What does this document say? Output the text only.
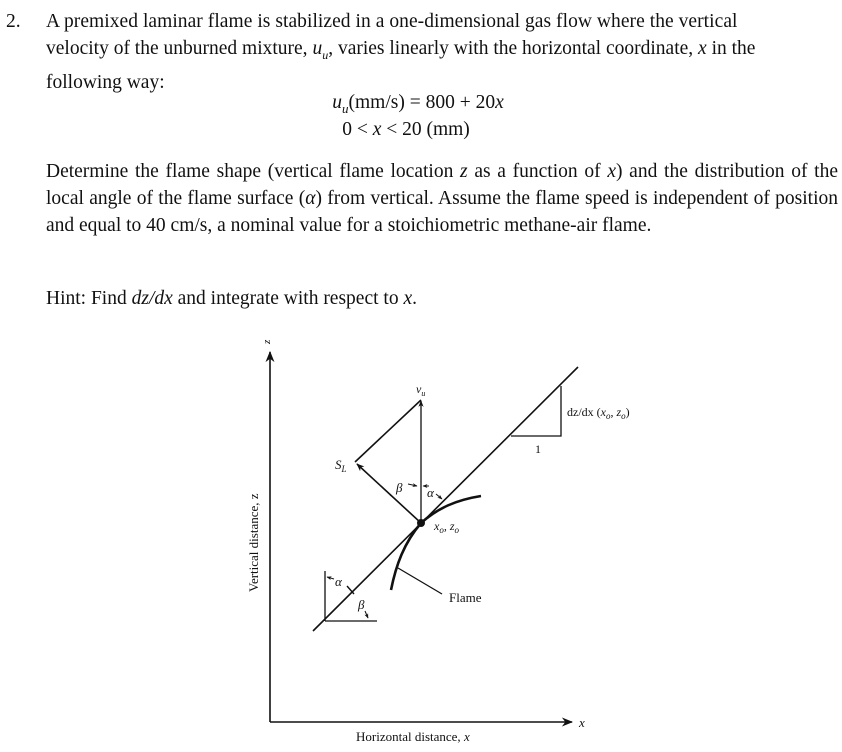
2. A premixed laminar flame is stabilized in a one-dimensional gas flow where the vertical
velocity of the unburned mixture, $u_u$, varies linearly with the horizontal coordinate, x in the
following way:
$u_u(mm/s) = 800 + 20x$
0 < x < 20 (mm)
Determine the flame shape (vertical flame location z as a function of x) and the distribution of the local angle of the flame surface (α) from vertical. Assume the flame speed is independent of position and equal to 40 cm/s, a nominal value for a stoichiometric methane-air flame.
Hint: Find dz/dx and integrate with respect to x.
z
x
Vertical distance, z
Horizontal distance, x
Flame
$x_o$, $z_o$
$v_u$
$S_L$
β α
1
dz/dx ($x_o$, $z_o$)
α
β
